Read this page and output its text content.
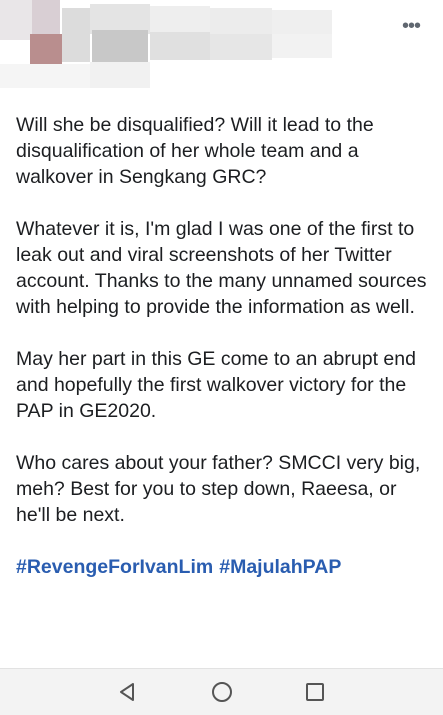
•••

Will she be disqualified? Will it lead to the disqualification of her whole team and a walkover in Sengkang GRC?

Whatever it is, I'm glad I was one of the first to leak out and viral screenshots of her Twitter account. Thanks to the many unnamed sources with helping to provide the information as well.

May her part in this GE come to an abrupt end and hopefully the first walkover victory for the PAP in GE2020.

Who cares about your father? SMCCI very big, meh? Best for you to step down, Raeesa, or he'll be next.

#RevengeForIvanLim #MajulahPAP
